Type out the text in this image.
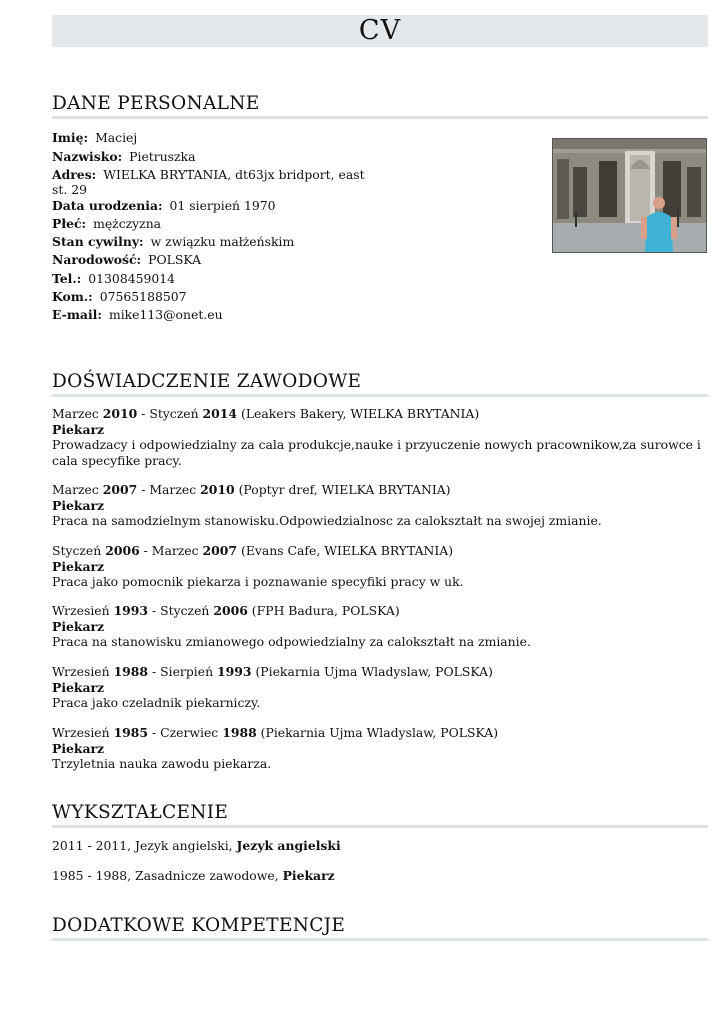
CV
DANE PERSONALNE
Imię: Maciej
Nazwisko: Pietruszka
Adres: WIELKA BRYTANIA, dt63jx bridport, east st. 29
Data urodzenia: 01 sierpień 1970
Płeć: mężczyzna
Stan cywilny: w związku małżeńskim
Narodowość: POLSKA
Tel.: 01308459014
Kom.: 07565188507
E-mail: mike113@onet.eu
DOŚWIADCZENIE ZAWODOWE
Marzec 2010 - Styczeń 2014 (Leakers Bakery, WIELKA BRYTANIA)
Piekarz
Prowadzacy i odpowiedzialny za cala produkcje,nauke i przyuczenie nowych pracownikow,za surowce i cala specyfike pracy.
Marzec 2007 - Marzec 2010 (Poptyr dref, WIELKA BRYTANIA)
Piekarz
Praca na samodzielnym stanowisku.Odpowiedzialnosc za calokształt na swojej zmianie.
Styczeń 2006 - Marzec 2007 (Evans Cafe, WIELKA BRYTANIA)
Piekarz
Praca jako pomocnik piekarza i poznawanie specyfiki pracy w uk.
Wrzesień 1993 - Styczeń 2006 (FPH Badura, POLSKA)
Piekarz
Praca na stanowisku zmianowego odpowiedzialny za calokształt na zmianie.
Wrzesień 1988 - Sierpień 1993 (Piekarnia Ujma Wladyslaw, POLSKA)
Piekarz
Praca jako czeladnik piekarniczy.
Wrzesień 1985 - Czerwiec 1988 (Piekarnia Ujma Wladyslaw, POLSKA)
Piekarz
Trzyletnia nauka zawodu piekarza.
WYKSZTAŁCENIE
2011 - 2011, Jezyk angielski, Jezyk angielski
1985 - 1988, Zasadnicze zawodowe, Piekarz
DODATKOWE KOMPETENCJE
